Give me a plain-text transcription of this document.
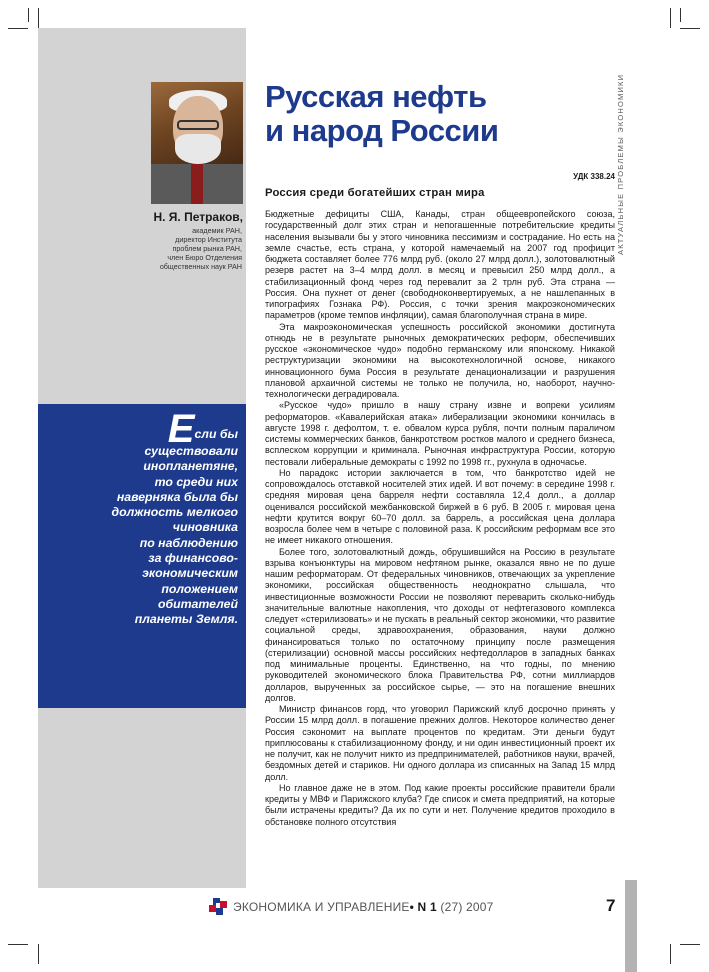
Н. Я. Петраков,
академик РАН,
директор Института
проблем рынка РАН,
член Бюро Отделения
общественных наук РАН
Если бы
существовали
инопланетяне,
то среди них
наверняка была бы
должность мелкого
чиновника
по наблюдению
за финансово-
экономическим
положением
обитателей
планеты Земля.
Русская нефть
и народ России	АКТУАЛЬНЫЕ ПРОБЛЕМЫ ЭКОНОМИКИ
УДК 338.24
Россия среди богатейших стран мира

Бюджетные дефициты США, Канады, стран общеевропейского союза, государственный долг этих стран и непогашенные потребительские кредиты населения вызывали бы у этого чиновника пессимизм и сострадание. Но есть на земле счастье, есть страна, у которой намечаемый на 2007 год профицит бюджета составляет более 776 млрд руб. (около 27 млрд долл.), золотовалютный резерв растет на 3–4 млрд долл. в месяц и превысил 250 млрд долл., а стабилизационный фонд через год перевалит за 2 трлн руб. Эта страна — Россия. Она пухнет от денег (свободноконвертируемых, а не нашлепанных в типографиях Гознака РФ). Россия, с точки зрения макроэкономических параметров (кроме темпов инфляции), самая благополучная страна в мире.

Эта макроэкономическая успешность российской экономики достигнута отнюдь не в результате рыночных демократических реформ, обеспечивших русское «экономическое чудо» подобно германскому или японскому. Никакой реструктуризации экономики на высокотехнологичной основе, никакого инновационного бума Россия в результате денационализации и разрушения плановой архаичной системы не только не получила, но, наоборот, научно-технологически деградировала.

«Русское чудо» пришло в нашу страну извне и вопреки усилиям реформаторов. «Кавалерийская атака» либерализации экономики кончилась в августе 1998 г. дефолтом, т. е. обвалом курса рубля, почти полным параличом системы коммерческих банков, банкротством ростков малого и среднего бизнеса, всплеском коррупции и криминала. Рыночная инфраструктура России, которую пестовали либеральные демократы с 1992 по 1998 гг., рухнула в одночасье.

Но парадокс истории заключается в том, что банкротство идей не сопровождалось отставкой носителей этих идей. И вот почему: в середине 1998 г. средняя мировая цена барреля нефти составляла 12,4 долл., а доллар оценивался российской межбанковской биржей в 6 руб. В 2005 г. мировая цена нефти крутится вокруг 60–70 долл. за баррель, а российская цена доллара возросла более чем в четыре с половиной раза. К российским реформам все это не имеет никакого отношения.

Более того, золотовалютный дождь, обрушившийся на Россию в результате взрыва конъюнктуры на мировом нефтяном рынке, оказался явно не по душе нашим реформаторам. От федеральных чиновников, отвечающих за укрепление экономики, российская общественность неоднократно слышала, что инвестиционные возможности России не позволяют переварить сколько-нибудь значительные валютные накопления, что доходы от нефтегазового комплекса следует «стерилизовать» и не пускать в реальный сектор экономики, что развитие социальной среды, здравоохранения, образования, науки должно финансироваться только по остаточному принципу после размещения (стерилизации) основной массы российских нефтедолларов в западных банках под минимальные проценты. Единственно, на что годны, по мнению руководителей экономического блока Правительства РФ, сотни миллиардов долларов, вырученных за российское сырье, — это на погашение внешних долгов.

Министр финансов горд, что уговорил Парижский клуб досрочно принять у России 15 млрд долл. в погашение прежних долгов. Некоторое количество денег Россия сэкономит на выплате процентов по кредитам. Эти деньги будут приплюсованы к стабилизационному фонду, и ни один инвестиционный проект их не получит, как не получит никто из предпринимателей, работников науки, врачей, бездомных детей и стариков. Ни одного доллара из списанных на Запад 15 млрд долл.

Но главное даже не в этом. Под какие проекты российские правители брали кредиты у МВФ и Парижского клуба? Где список и смета предприятий, на которые были истрачены кредиты? Да их по сути и нет. Получение кредитов проходило в обстановке полного отсутствия

ЭКОНОМИКА И УПРАВЛЕНИЕ• N 1 (27) 2007	7
